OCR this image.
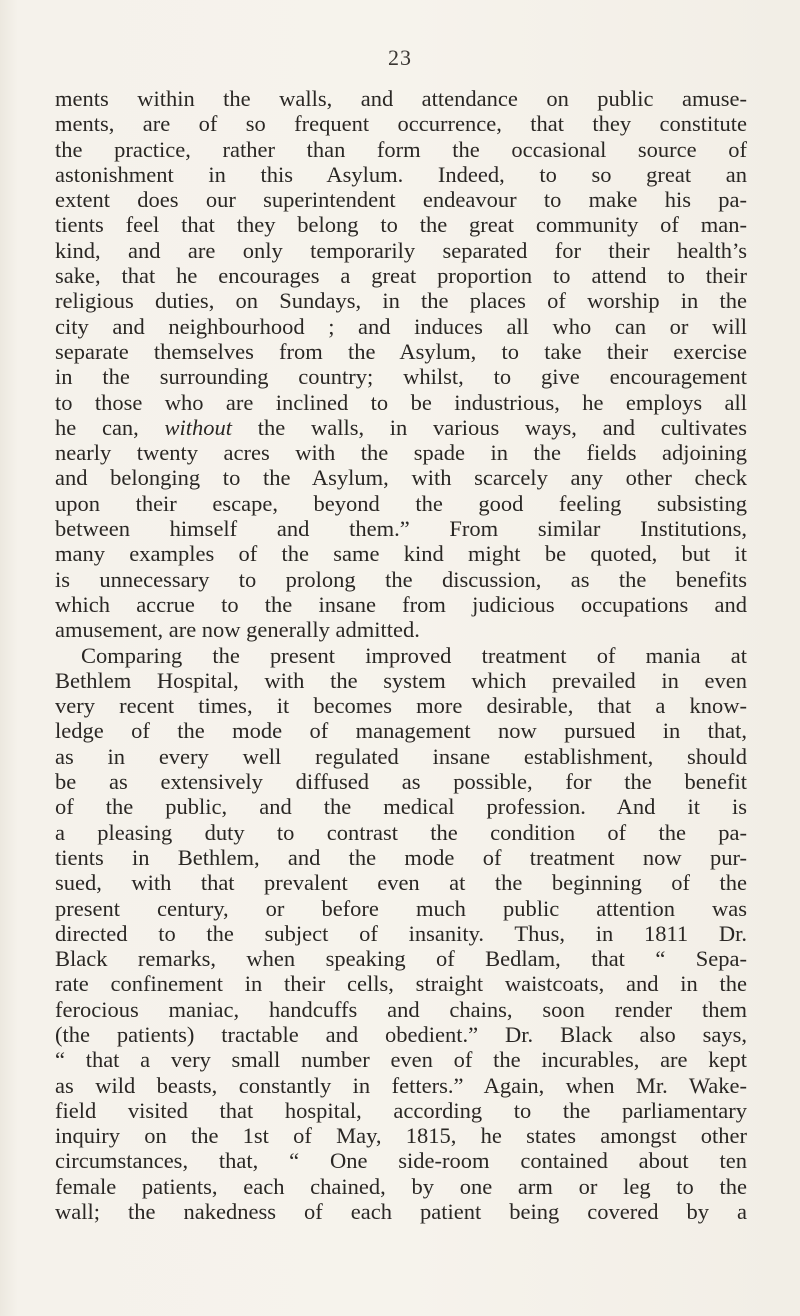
23
ments within the walls, and attendance on public amuse-
ments, are of so frequent occurrence, that they constitute
the practice, rather than form the occasional source of
astonishment in this Asylum. Indeed, to so great an
extent does our superintendent endeavour to make his pa-
tients feel that they belong to the great community of man-
kind, and are only temporarily separated for their health’s
sake, that he encourages a great proportion to attend to their
religious duties, on Sundays, in the places of worship in the
city and neighbourhood ; and induces all who can or will
separate themselves from the Asylum, to take their exercise
in the surrounding country; whilst, to give encouragement
to those who are inclined to be industrious, he employs all
he can, without the walls, in various ways, and cultivates
nearly twenty acres with the spade in the fields adjoining
and belonging to the Asylum, with scarcely any other check
upon their escape, beyond the good feeling subsisting
between himself and them.” From similar Institutions,
many examples of the same kind might be quoted, but it
is unnecessary to prolong the discussion, as the benefits
which accrue to the insane from judicious occupations and
amusement, are now generally admitted.
Comparing the present improved treatment of mania at
Bethlem Hospital, with the system which prevailed in even
very recent times, it becomes more desirable, that a know-
ledge of the mode of management now pursued in that,
as in every well regulated insane establishment, should
be as extensively diffused as possible, for the benefit
of the public, and the medical profession. And it is
a pleasing duty to contrast the condition of the pa-
tients in Bethlem, and the mode of treatment now pur-
sued, with that prevalent even at the beginning of the
present century, or before much public attention was
directed to the subject of insanity. Thus, in 1811 Dr.
Black remarks, when speaking of Bedlam, that “ Sepa-
rate confinement in their cells, straight waistcoats, and in the
ferocious maniac, handcuffs and chains, soon render them
(the patients) tractable and obedient.” Dr. Black also says,
“ that a very small number even of the incurables, are kept
as wild beasts, constantly in fetters.” Again, when Mr. Wake-
field visited that hospital, according to the parliamentary
inquiry on the 1st of May, 1815, he states amongst other
circumstances, that, “ One side-room contained about ten
female patients, each chained, by one arm or leg to the
wall; the nakedness of each patient being covered by a
